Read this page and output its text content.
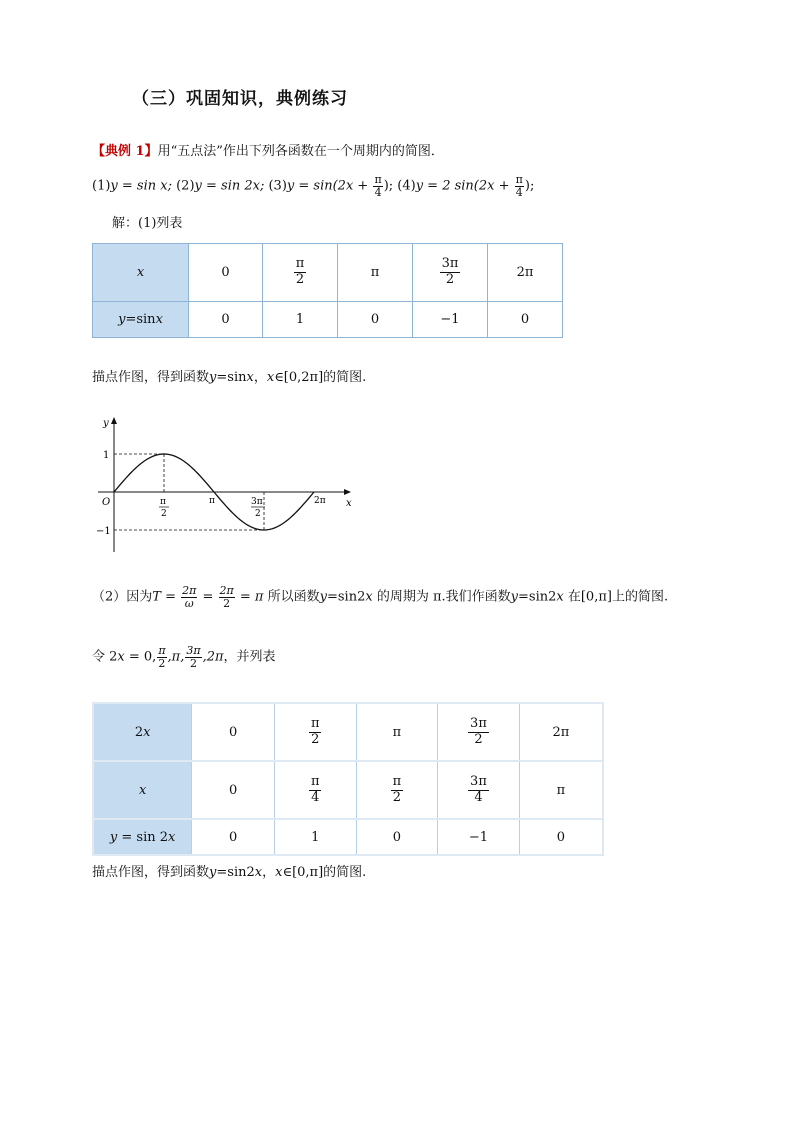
（三）巩固知识，典例练习
【典例 1】用“五点法”作出下列各函数在一个周期内的简图．
(1)y = sin x; (2)y = sin 2x; $(3)y = \sin(2x + \frac{\pi}{4}$ ); (4)y = 2 $\sin(2x + \frac{\pi}{4}$ );
解：(1)列表
x	0	$\frac{\pi}{2}$	π	$\frac{3\pi}{2}$	2π
y=sinx	0	1	0	−1	0
描点作图，得到函数y=sinx，x∈[0,2π]的简图.
y
x
O
1
−1
π
2
π	3π
2
2π
（2）因为$T = \frac{2\pi}{\omega} = \frac{2\pi}{2} = \pi$ 所以函数y=sin2x 的周期为 π.我们作函数y=sin2x 在[0,π]上的简图.
令 2x = 0, $\frac{\pi}{2} ,\pi$, $\frac{3\pi}{2} ,2\pi$，并列表
2x	0	$\frac{\pi}{2}$	π	$\frac{3\pi}{2}$	2π
x	0	$\frac{\pi}{4}$	$\frac{\pi}{2}$	$\frac{3\pi}{4}$	π
y = sin 2x	0	1	0	−1	0
描点作图，得到函数y=sin2x，x∈[0,π]的简图.
